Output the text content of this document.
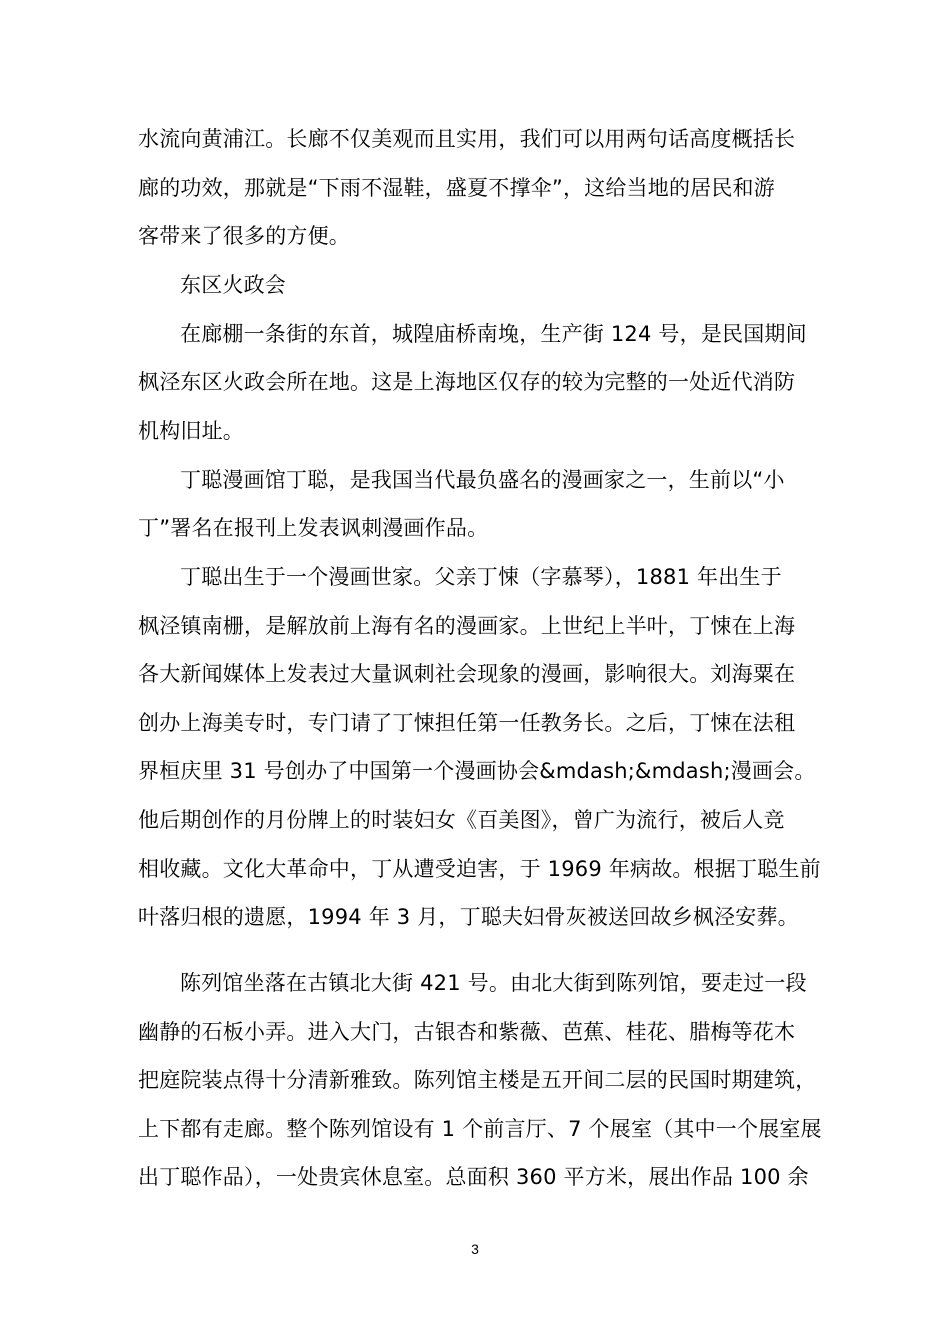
水流向黄浦江。长廊不仅美观而且实用，我们可以用两句话高度概括长
廊的功效，那就是“下雨不湿鞋，盛夏不撑伞”，这给当地的居民和游
客带来了很多的方便。
东区火政会
在廊棚一条街的东首，城隍庙桥南堍，生产街 124 号，是民国期间
枫泾东区火政会所在地。这是上海地区仅存的较为完整的一处近代消防
机构旧址。
丁聪漫画馆丁聪，是我国当代最负盛名的漫画家之一，生前以“小
丁”署名在报刊上发表讽刺漫画作品。
丁聪出生于一个漫画世家。父亲丁悚（字慕琴），1881 年出生于
枫泾镇南栅，是解放前上海有名的漫画家。上世纪上半叶，丁悚在上海
各大新闻媒体上发表过大量讽刺社会现象的漫画，影响很大。刘海粟在
创办上海美专时，专门请了丁悚担任第一任教务长。之后，丁悚在法租
界桓庆里 31 号创办了中国第一个漫画协会&mdash;&mdash;漫画会。
他后期创作的月份牌上的时装妇女《百美图》，曾广为流行，被后人竞
相收藏。文化大革命中，丁从遭受迫害，于 1969 年病故。根据丁聪生前
叶落归根的遗愿，1994 年 3 月，丁聪夫妇骨灰被送回故乡枫泾安葬。
陈列馆坐落在古镇北大街 421 号。由北大街到陈列馆，要走过一段
幽静的石板小弄。进入大门，古银杏和紫薇、芭蕉、桂花、腊梅等花木
把庭院装点得十分清新雅致。陈列馆主楼是五开间二层的民国时期建筑，
上下都有走廊。整个陈列馆设有 1 个前言厅、7 个展室（其中一个展室展
出丁聪作品），一处贵宾休息室。总面积 360 平方米，展出作品 100 余
3
